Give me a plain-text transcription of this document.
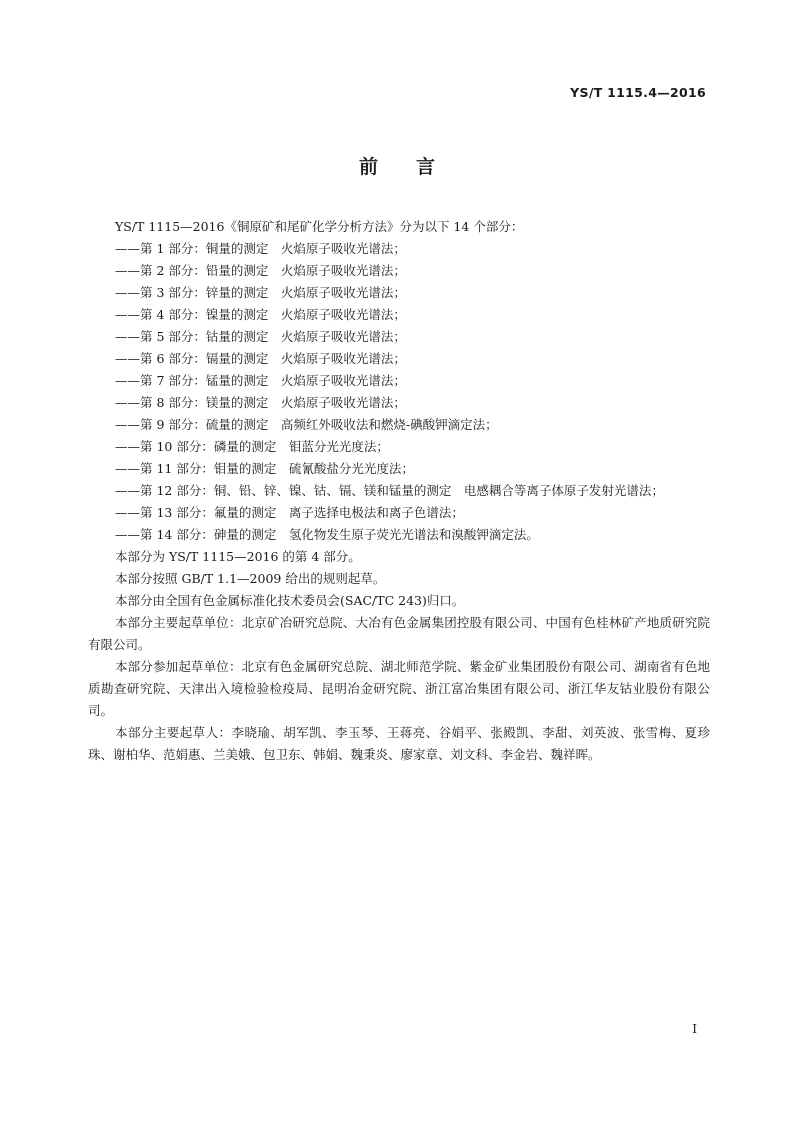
YS/T 1115.4—2016
前言

YS/T 1115—2016《铜原矿和尾矿化学分析方法》分为以下 14 个部分：

——第 1 部分：铜量的测定　火焰原子吸收光谱法；

——第 2 部分：铅量的测定　火焰原子吸收光谱法；

——第 3 部分：锌量的测定　火焰原子吸收光谱法；

——第 4 部分：镍量的测定　火焰原子吸收光谱法；

——第 5 部分：钴量的测定　火焰原子吸收光谱法；

——第 6 部分：镉量的测定　火焰原子吸收光谱法；

——第 7 部分：锰量的测定　火焰原子吸收光谱法；

——第 8 部分：镁量的测定　火焰原子吸收光谱法；

——第 9 部分：硫量的测定　高频红外吸收法和燃烧-碘酸钾滴定法；

——第 10 部分：磷量的测定　钼蓝分光光度法；

——第 11 部分：钼量的测定　硫氰酸盐分光光度法；

——第 12 部分：铜、铅、锌、镍、钴、镉、镁和锰量的测定　电感耦合等离子体原子发射光谱法；

——第 13 部分：氟量的测定　离子选择电极法和离子色谱法；

——第 14 部分：砷量的测定　氢化物发生原子荧光光谱法和溴酸钾滴定法。

本部分为 YS/T 1115—2016 的第 4 部分。

本部分按照 GB/T 1.1—2009 给出的规则起草。

本部分由全国有色金属标准化技术委员会(SAC/TC 243)归口。

本部分主要起草单位：北京矿冶研究总院、大冶有色金属集团控股有限公司、中国有色桂林矿产地质研究院有限公司。

本部分参加起草单位：北京有色金属研究总院、湖北师范学院、紫金矿业集团股份有限公司、湖南省有色地质勘查研究院、天津出入境检验检疫局、昆明冶金研究院、浙江富冶集团有限公司、浙江华友钴业股份有限公司。

本部分主要起草人：李晓瑜、胡军凯、李玉琴、王蒋亮、谷娟平、张殿凯、李甜、刘英波、张雪梅、夏珍珠、谢柏华、范娟惠、兰美娥、包卫东、韩娟、魏秉炎、廖家章、刘文科、李金岩、魏祥晖。

I
